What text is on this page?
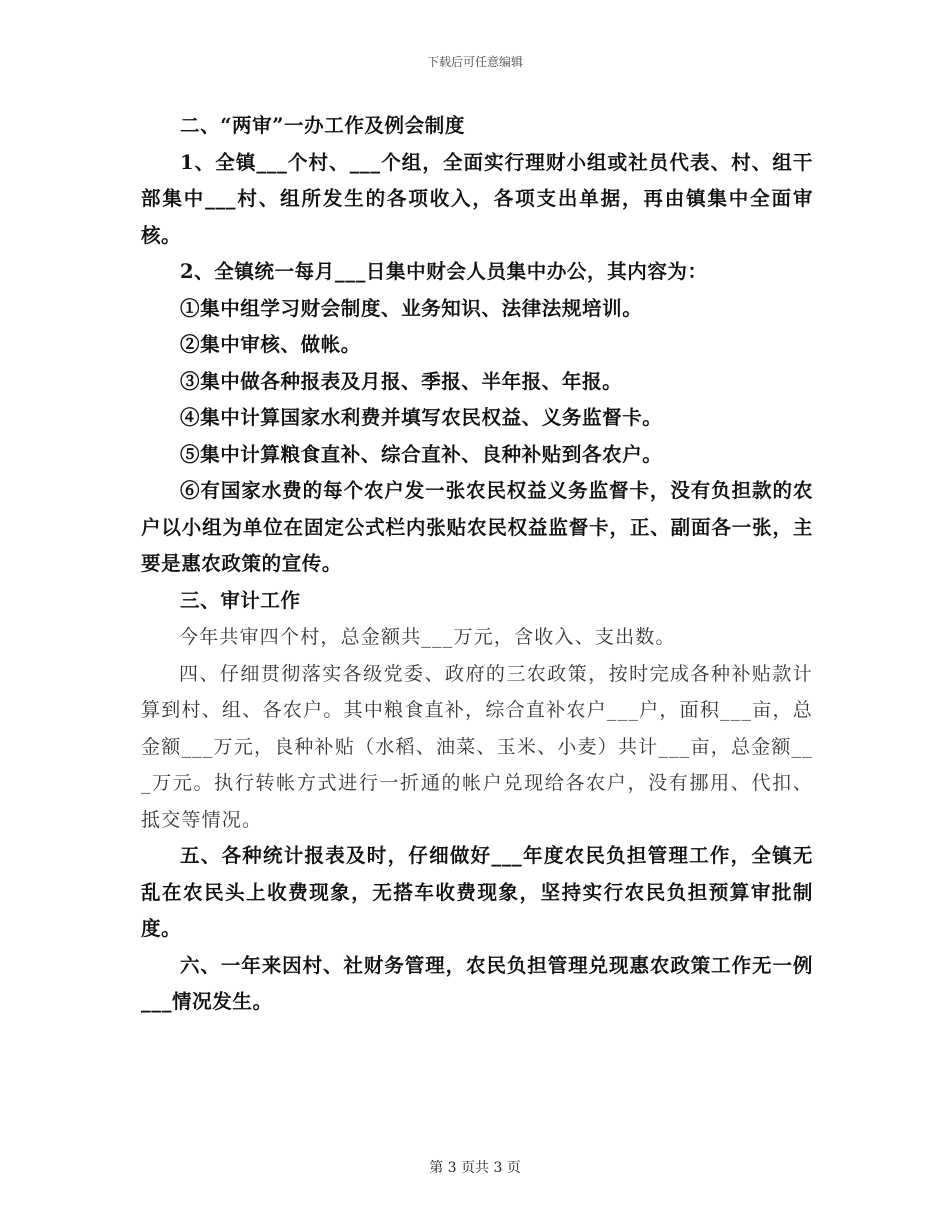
下载后可任意编辑

二、“两审”一办工作及例会制度

1、全镇___个村、___个组，全面实行理财小组或社员代表、村、组干部集中___村、组所发生的各项收入，各项支出单据，再由镇集中全面审核。

2、全镇统一每月___日集中财会人员集中办公，其内容为：

①集中组学习财会制度、业务知识、法律法规培训。

②集中审核、做帐。

③集中做各种报表及月报、季报、半年报、年报。

④集中计算国家水利费并填写农民权益、义务监督卡。

⑤集中计算粮食直补、综合直补、良种补贴到各农户。

⑥有国家水费的每个农户发一张农民权益义务监督卡，没有负担款的农户以小组为单位在固定公式栏内张贴农民权益监督卡，正、副面各一张，主要是惠农政策的宣传。

三、审计工作

今年共审四个村，总金额共___万元，含收入、支出数。

四、仔细贯彻落实各级党委、政府的三农政策，按时完成各种补贴款计算到村、组、各农户。其中粮食直补，综合直补农户___户，面积___亩，总金额___万元，良种补贴（水稻、油菜、玉米、小麦）共计___亩，总金额___万元。执行转帐方式进行一折通的帐户兑现给各农户，没有挪用、代扣、抵交等情况。

五、各种统计报表及时，仔细做好___年度农民负担管理工作，全镇无乱在农民头上收费现象，无搭车收费现象，坚持实行农民负担预算审批制度。

六、一年来因村、社财务管理，农民负担管理兑现惠农政策工作无一例___情况发生。

第 3 页共 3 页
